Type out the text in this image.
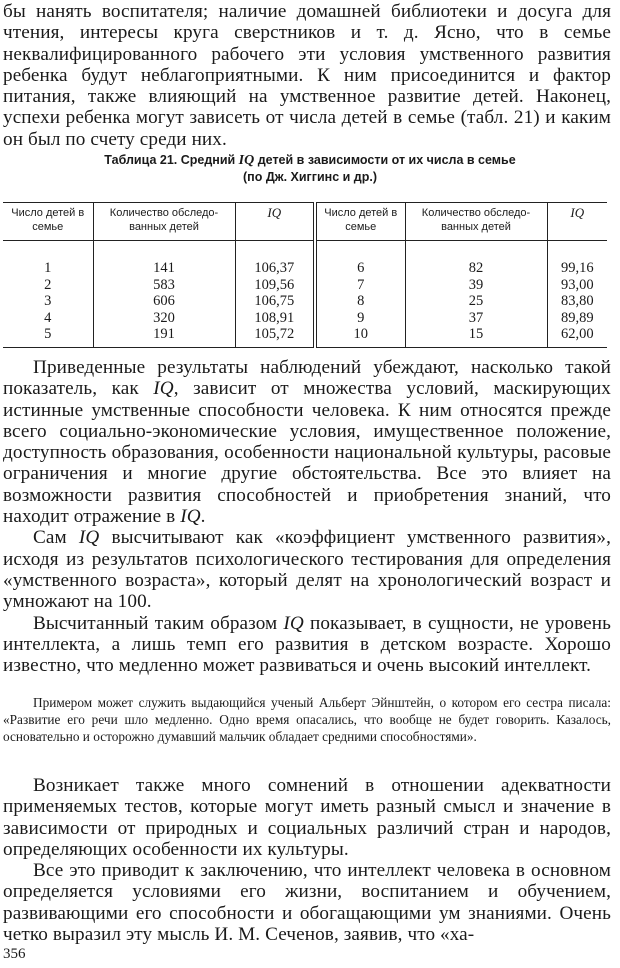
бы нанять воспитателя; наличие домашней библиотеки и досуга для чтения, интересы круга сверстников и т. д. Ясно, что в семье неквалифицированного рабочего эти условия умственного развития ребенка будут неблагоприятными. К ним присоединится и фактор питания, также влияющий на умственное развитие детей. Наконец, успехи ребенка могут зависеть от числа детей в семье (табл. 21) и каким он был по счету среди них.

Таблица 21. Средний IQ детей в зависимости от их числа в семье
(по Дж. Хиггинс и др.)
Число детей в семье	Количество обследо-ванных детей	IQ	Число детей в семье	Количество обследо-ванных детей	IQ
1	141	106,37	6	82	99,16
2	583	109,56	7	39	93,00
3	606	106,75	8	25	83,80
4	320	108,91	9	37	89,89
5	191	105,72	10	15	62,00

Приведенные результаты наблюдений убеждают, насколько такой показатель, как IQ, зависит от множества условий, маскирующих истинные умственные способности человека. К ним относятся прежде всего социально-экономические условия, имущественное положение, доступность образования, особенности национальной культуры, расовые ограничения и многие другие обстоятельства. Все это влияет на возможности развития способностей и приобретения знаний, что находит отражение в IQ.

Сам IQ высчитывают как «коэффициент умственного развития», исходя из результатов психологического тестирования для определения «умственного возраста», который делят на хронологический возраст и умножают на 100.

Высчитанный таким образом IQ показывает, в сущности, не уровень интеллекта, а лишь темп его развития в детском возрасте. Хорошо известно, что медленно может развиваться и очень высокий интеллект.

Примером может служить выдающийся ученый Альберт Эйнштейн, о котором его сестра писала: «Развитие его речи шло медленно. Одно время опасались, что вообще не будет говорить. Казалось, основательно и осторожно думавший мальчик обладает средними способностями».

Возникает также много сомнений в отношении адекватности применяемых тестов, которые могут иметь разный смысл и значение в зависимости от природных и социальных различий стран и народов, определяющих особенности их культуры.

Все это приводит к заключению, что интеллект человека в основном определяется условиями его жизни, воспитанием и обучением, развивающими его способности и обогащающими ум знаниями. Очень четко выразил эту мысль И. М. Сеченов, заявив, что «ха-

356
